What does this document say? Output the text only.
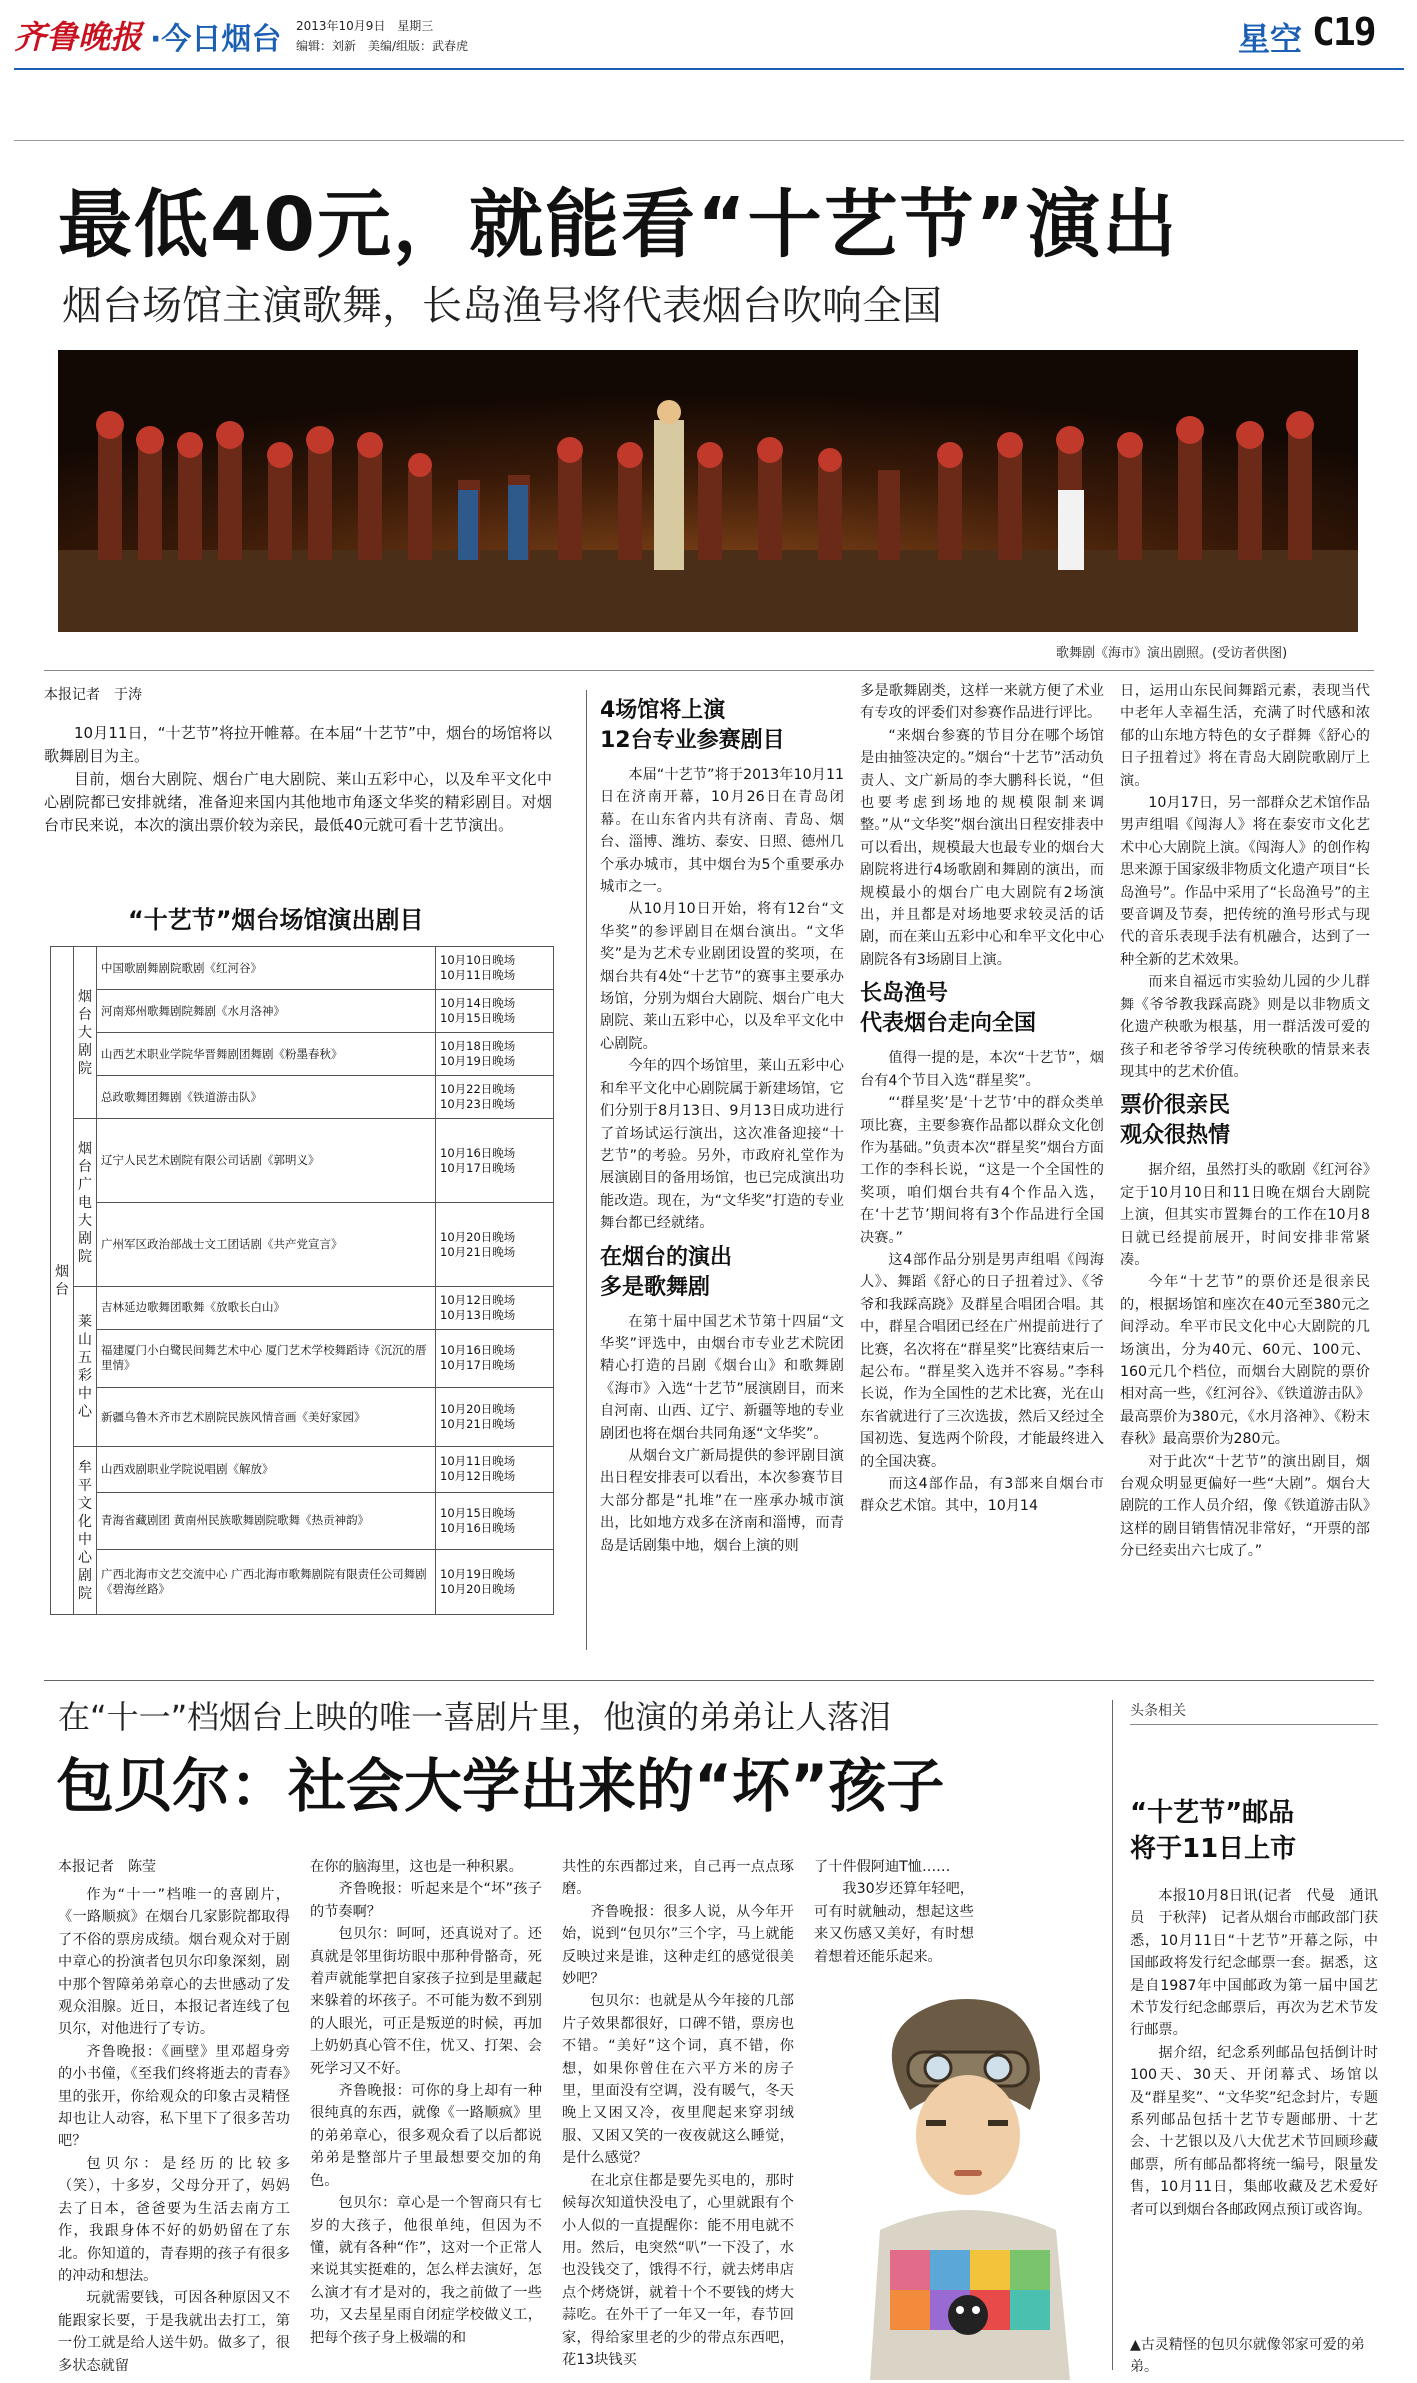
齐鲁晚报 ·今日烟台 2013年10月9日 星期三
编辑：刘新　美编/组版：武春虎	星空 C19
最低40元，就能看“十艺节”演出
烟台场馆主演歌舞，长岛渔号将代表烟台吹响全国
歌舞剧《海市》演出剧照。(受访者供图)
本报记者　于涛

10月11日，“十艺节”将拉开帷幕。在本届“十艺节”中，烟台的场馆将以歌舞剧目为主。

目前，烟台大剧院、烟台广电大剧院、莱山五彩中心，以及牟平文化中心剧院都已安排就绪，准备迎来国内其他地市角逐文华奖的精彩剧目。对烟台市民来说，本次的演出票价较为亲民，最低40元就可看十艺节演出。

“十艺节”烟台场馆演出剧目
烟台	烟台大剧院	中国歌剧舞剧院歌剧《红河谷》	10月10日晚场
10月11日晚场
		河南郑州歌舞剧院舞剧《水月洛神》	10月14日晚场
10月15日晚场
		山西艺术职业学院华晋舞剧团舞剧《粉墨春秋》	10月18日晚场
10月19日晚场
		总政歌舞团舞剧《铁道游击队》	10月22日晚场
10月23日晚场
	烟台广电大剧院	辽宁人民艺术剧院有限公司话剧《郭明义》	10月16日晚场
10月17日晚场
		广州军区政治部战士文工团话剧《共产党宣言》	10月20日晚场
10月21日晚场
	莱山五彩中心	吉林延边歌舞团歌舞《放歌长白山》	10月12日晚场
10月13日晚场
		福建厦门小白鹭民间舞艺术中心 厦门艺术学校舞蹈诗《沉沉的厝里情》	10月16日晚场
10月17日晚场
		新疆乌鲁木齐市艺术剧院民族风情音画《美好家园》	10月20日晚场
10月21日晚场
	牟平文化中心剧院	山西戏剧职业学院说唱剧《解放》	10月11日晚场
10月12日晚场
		青海省藏剧团 黄南州民族歌舞剧院歌舞《热贡神韵》	10月15日晚场
10月16日晚场
		广西北海市文艺交流中心 广西北海市歌舞剧院有限责任公司舞剧《碧海丝路》	10月19日晚场
10月20日晚场
4场馆将上演
12台专业参赛剧目

本届“十艺节”将于2013年10月11日在济南开幕，10月26日在青岛闭幕。在山东省内共有济南、青岛、烟台、淄博、潍坊、泰安、日照、德州几个承办城市，其中烟台为5个重要承办城市之一。

从10月10日开始，将有12台“文华奖”的参评剧目在烟台演出。“文华奖”是为艺术专业剧团设置的奖项，在烟台共有4处“十艺节”的赛事主要承办场馆，分别为烟台大剧院、烟台广电大剧院、莱山五彩中心，以及牟平文化中心剧院。

今年的四个场馆里，莱山五彩中心和牟平文化中心剧院属于新建场馆，它们分别于8月13日、9月13日成功进行了首场试运行演出，这次准备迎接“十艺节”的考验。另外，市政府礼堂作为展演剧目的备用场馆，也已完成演出功能改造。现在，为“文华奖”打造的专业舞台都已经就绪。

在烟台的演出
多是歌舞剧

在第十届中国艺术节第十四届“文华奖”评选中，由烟台市专业艺术院团精心打造的吕剧《烟台山》和歌舞剧《海市》入选“十艺节”展演剧目，而来自河南、山西、辽宁、新疆等地的专业剧团也将在烟台共同角逐“文华奖”。

从烟台文广新局提供的参评剧目演出日程安排表可以看出，本次参赛节目大部分都是“扎堆”在一座承办城市演出，比如地方戏多在济南和淄博，而青岛是话剧集中地，烟台上演的则

多是歌舞剧类，这样一来就方便了术业有专攻的评委们对参赛作品进行评比。

“来烟台参赛的节目分在哪个场馆是由抽签决定的。”烟台“十艺节”活动负责人、文广新局的李大鹏科长说，“但也要考虑到场地的规模限制来调整。”从“文华奖”烟台演出日程安排表中可以看出，规模最大也最专业的烟台大剧院将进行4场歌剧和舞剧的演出，而规模最小的烟台广电大剧院有2场演出，并且都是对场地要求较灵活的话剧，而在莱山五彩中心和牟平文化中心剧院各有3场剧目上演。

长岛渔号
代表烟台走向全国

值得一提的是，本次“十艺节”，烟台有4个节目入选“群星奖”。

“‘群星奖’是‘十艺节’中的群众类单项比赛，主要参赛作品都以群众文化创作为基础。”负责本次“群星奖”烟台方面工作的李科长说，“这是一个全国性的奖项，咱们烟台共有4个作品入选，在‘十艺节’期间将有3个作品进行全国决赛。”

这4部作品分别是男声组唱《闯海人》、舞蹈《舒心的日子扭着过》、《爷爷和我踩高跷》及群星合唱团合唱。其中，群星合唱团已经在广州提前进行了比赛，名次将在“群星奖”比赛结束后一起公布。“群星奖入选并不容易。”李科长说，作为全国性的艺术比赛，光在山东省就进行了三次选拔，然后又经过全国初选、复选两个阶段，才能最终进入的全国决赛。

而这4部作品，有3部来自烟台市群众艺术馆。其中，10月14

日，运用山东民间舞蹈元素，表现当代中老年人幸福生活，充满了时代感和浓郁的山东地方特色的女子群舞《舒心的日子扭着过》将在青岛大剧院歌剧厅上演。

10月17日，另一部群众艺术馆作品男声组唱《闯海人》将在泰安市文化艺术中心大剧院上演。《闯海人》的创作构思来源于国家级非物质文化遗产项目“长岛渔号”。作品中采用了“长岛渔号”的主要音调及节奏，把传统的渔号形式与现代的音乐表现手法有机融合，达到了一种全新的艺术效果。

而来自福远市实验幼儿园的少儿群舞《爷爷教我踩高跷》则是以非物质文化遗产秧歌为根基，用一群活泼可爱的孩子和老爷爷学习传统秧歌的情景来表现其中的艺术价值。

票价很亲民
观众很热情

据介绍，虽然打头的歌剧《红河谷》定于10月10日和11日晚在烟台大剧院上演，但其实市置舞台的工作在10月8日就已经提前展开，时间安排非常紧凑。

今年“十艺节”的票价还是很亲民的，根据场馆和座次在40元至380元之间浮动。牟平市民文化中心大剧院的几场演出，分为40元、60元、100元、160元几个档位，而烟台大剧院的票价相对高一些，《红河谷》、《铁道游击队》最高票价为380元，《水月洛神》、《粉末春秋》最高票价为280元。

对于此次“十艺节”的演出剧目，烟台观众明显更偏好一些“大剧”。烟台大剧院的工作人员介绍，像《铁道游击队》这样的剧目销售情况非常好，“开票的部分已经卖出六七成了。”

在“十一”档烟台上映的唯一喜剧片里，他演的弟弟让人落泪
包贝尔：社会大学出来的“坏”孩子
头条相关
“十艺节”邮品
将于11日上市

本报10月8日讯(记者　代曼　通讯员　于秋萍)　记者从烟台市邮政部门获悉，10月11日“十艺节”开幕之际，中国邮政将发行纪念邮票一套。据悉，这是自1987年中国邮政为第一届中国艺术节发行纪念邮票后，再次为艺术节发行邮票。

据介绍，纪念系列邮品包括倒计时100天、30天、开闭幕式、场馆以及“群星奖”、“文华奖”纪念封片，专题系列邮品包括十艺节专题邮册、十艺会、十艺银以及八大优艺术节回顾珍藏邮票，所有邮品都将统一编号，限量发售，10月11日，集邮收藏及艺术爱好者可以到烟台各邮政网点预订或咨询。

本报记者　陈莹

作为“十一”档唯一的喜剧片，《一路顺疯》在烟台几家影院都取得了不俗的票房成绩。烟台观众对于剧中章心的扮演者包贝尔印象深刻，剧中那个智障弟弟章心的去世感动了发观众泪腺。近日，本报记者连线了包贝尔，对他进行了专访。

齐鲁晚报：《画壁》里邓超身旁的小书僮，《至我们终将逝去的青春》里的张开，你给观众的印象古灵精怪却也让人动容，私下里下了很多苦功吧？

包贝尔：是经历的比较多（笑），十多岁，父母分开了，妈妈去了日本，爸爸要为生活去南方工作，我跟身体不好的奶奶留在了东北。你知道的，青春期的孩子有很多的冲动和想法。

玩就需要钱，可因各种原因又不能跟家长要，于是我就出去打工，第一份工就是给人送牛奶。做多了，很多状态就留

在你的脑海里，这也是一种积累。

齐鲁晚报：听起来是个“坏”孩子的节奏啊？

包贝尔：呵呵，还真说对了。还真就是邻里街坊眼中那种骨骼奇，死着声就能掌把自家孩子拉到是里藏起来躲着的坏孩子。不可能为数不到别的人眼光，可正是叛逆的时候，再加上奶奶真心管不住，忧又、打架、会死学习又不好。

齐鲁晚报：可你的身上却有一种很纯真的东西，就像《一路顺疯》里的弟弟章心，很多观众看了以后都说弟弟是整部片子里最想要交加的角色。

包贝尔：章心是一个智商只有七岁的大孩子，他很单纯，但因为不懂，就有各种“作”，这对一个正常人来说其实挺难的，怎么样去演好，怎么演才有才是对的，我之前做了一些功，又去星星雨自闭症学校做义工，把每个孩子身上极端的和

共性的东西都过来，自己再一点点琢磨。

齐鲁晚报：很多人说，从今年开始，说到“包贝尔”三个字，马上就能反映过来是谁，这种走红的感觉很美妙吧？

包贝尔：也就是从今年接的几部片子效果都很好，口碑不错，票房也不错。“美好”这个词，真不错，你想，如果你曾住在六平方米的房子里，里面没有空调，没有暖气，冬天晚上又困又冷，夜里爬起来穿羽绒服、又困又笑的一夜夜就这么睡觉，是什么感觉？

在北京住都是要先买电的，那时候每次知道快没电了，心里就跟有个小人似的一直提醒你：能不用电就不用。然后，电突然“叭”一下没了，水也没钱交了，饿得不行，就去烤串店点个烤烧饼，就着十个不要钱的烤大蒜吃。在外干了一年又一年，春节回家，得给家里老的少的带点东西吧，花13块钱买

了十件假阿迪T恤……

我30岁还算年轻吧，可有时就触动，想起这些来又伤感又美好，有时想着想着还能乐起来。

▲古灵精怪的包贝尔就像邻家可爱的弟弟。
